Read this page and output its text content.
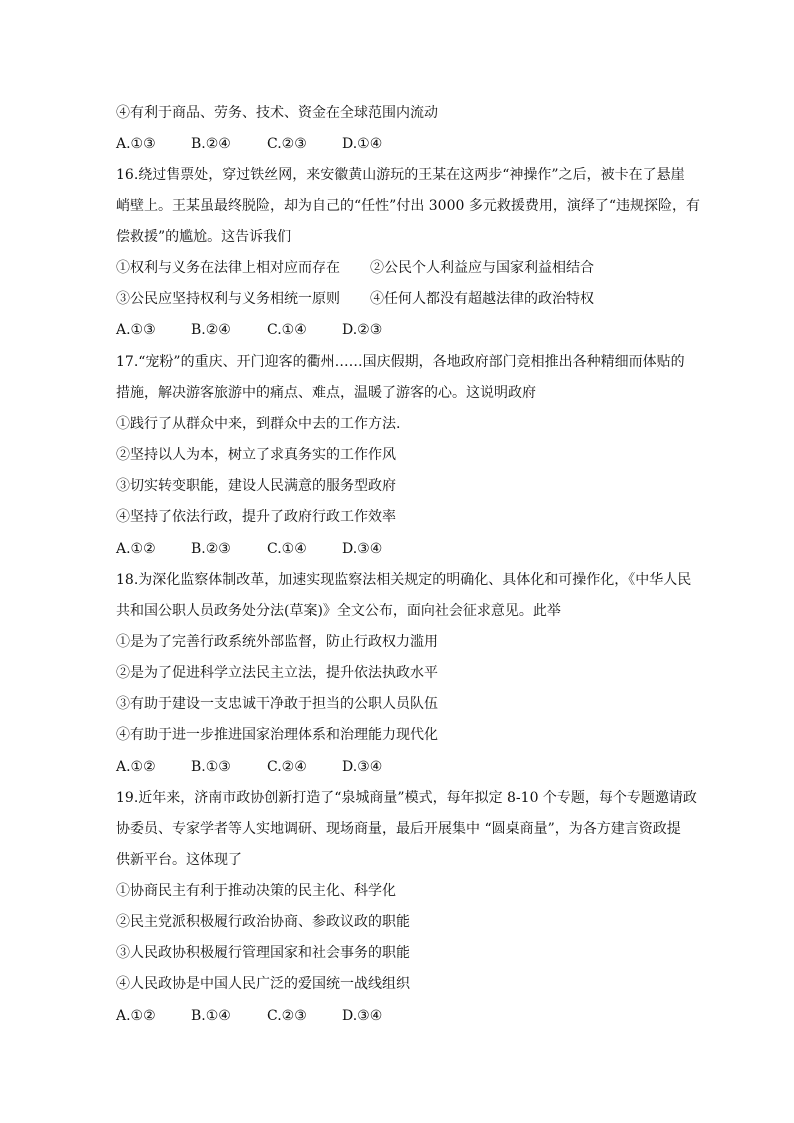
④有利于商品、劳务、技术、资金在全球范围内流动
A.①③	B.②④	C.②③	D.①④
16.绕过售票处，穿过铁丝网，来安徽黄山游玩的王某在这两步“神操作”之后，被卡在了悬崖
峭壁上。王某虽最终脱险，却为自己的“任性”付出 3000 多元救援费用，演绎了“违规探险，有
偿救援”的尴尬。这告诉我们
①权利与义务在法律上相对应而存在 ②公民个人利益应与国家利益相结合
③公民应坚持权利与义务相统一原则 ④任何人都没有超越法律的政治特权
A.①③	B.②④	C.①④	D.②③
17.“宠粉”的重庆、开门迎客的衢州……国庆假期，各地政府部门竞相推出各种精细而体贴的
措施，解决游客旅游中的痛点、难点，温暖了游客的心。这说明政府
①践行了从群众中来，到群众中去的工作方法.
②坚持以人为本，树立了求真务实的工作作风
③切实转变职能，建设人民满意的服务型政府
④坚持了依法行政，提升了政府行政工作效率
A.①②	B.②③	C.①④	D.③④
18.为深化监察体制改革，加速实现监察法相关规定的明确化、具体化和可操作化，《中华人民
共和国公职人员政务处分法(草案)》全文公布，面向社会征求意见。此举
①是为了完善行政系统外部监督，防止行政权力滥用
②是为了促进科学立法民主立法，提升依法执政水平
③有助于建设一支忠诚干净敢于担当的公职人员队伍
④有助于进一步推进国家治理体系和治理能力现代化
A.①②	B.①③	C.②④	D.③④
19.近年来，济南市政协创新打造了“泉城商量”模式，每年拟定 8-10 个专题，每个专题邀请政
协委员、专家学者等人实地调研、现场商量，最后开展集中 “圆桌商量”，为各方建言资政提
供新平台。这体现了
①协商民主有利于推动决策的民主化、科学化
②民主党派积极履行政治协商、参政议政的职能
③人民政协积极履行管理国家和社会事务的职能
④人民政协是中国人民广泛的爱国统一战线组织
A.①②	B.①④	C.②③	D.③④
